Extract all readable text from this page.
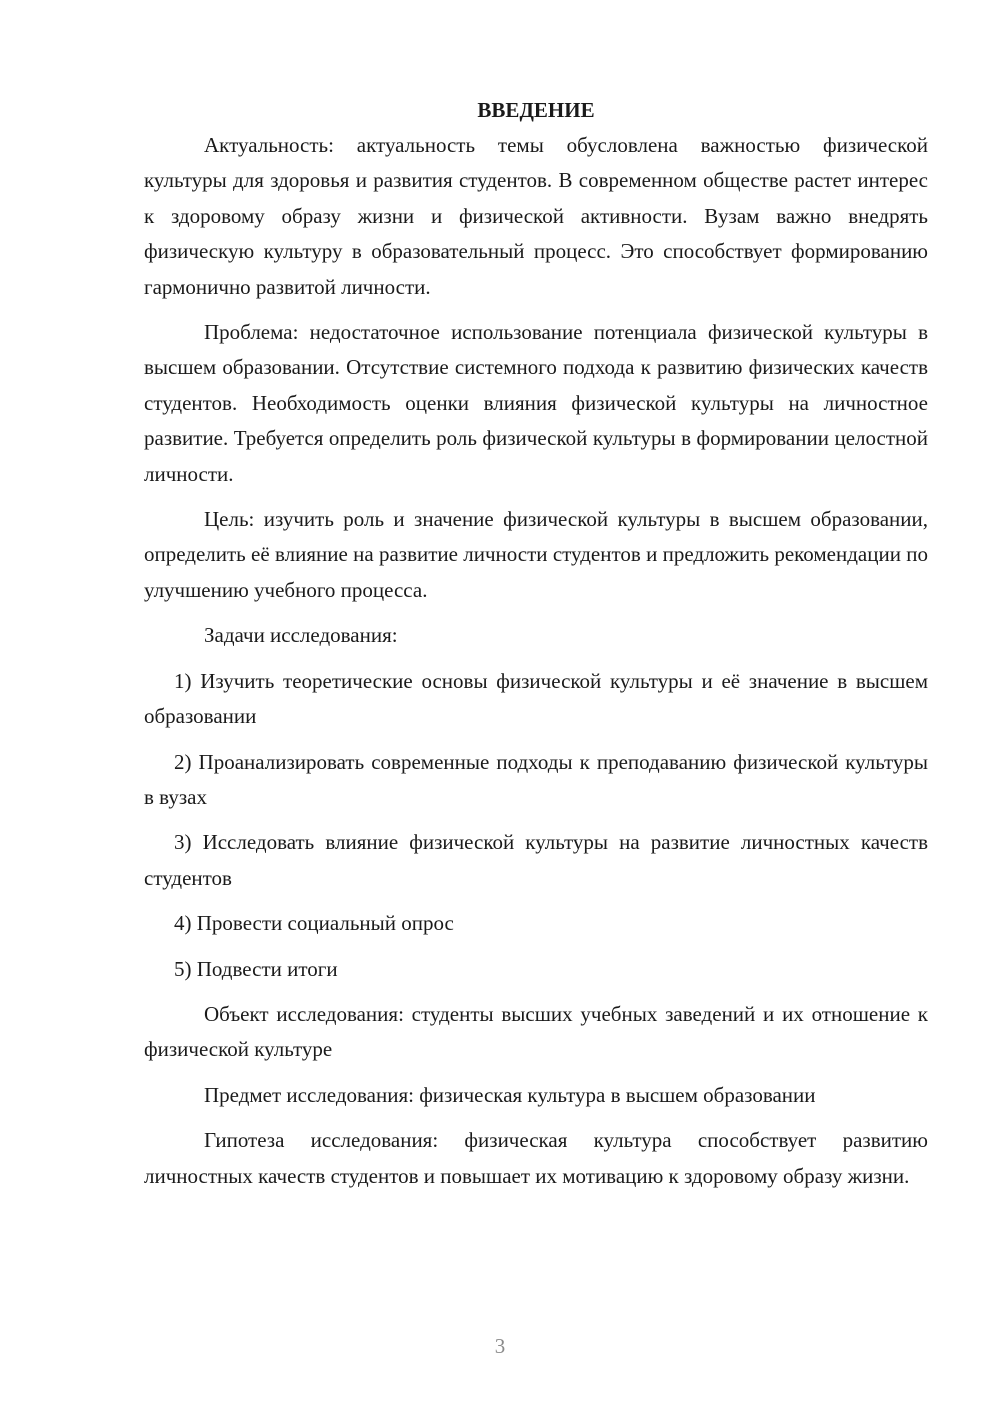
ВВЕДЕНИЕ

Актуальность: актуальность темы обусловлена важностью физической культуры для здоровья и развития студентов. В современном обществе растет интерес к здоровому образу жизни и физической активности. Вузам важно внедрять физическую культуру в образовательный процесс. Это способствует формированию гармонично развитой личности.

Проблема: недостаточное использование потенциала физической культуры в высшем образовании. Отсутствие системного подхода к развитию физических качеств студентов. Необходимость оценки влияния физической культуры на личностное развитие. Требуется определить роль физической культуры в формировании целостной личности.

Цель: изучить роль и значение физической культуры в высшем образовании, определить её влияние на развитие личности студентов и предложить рекомендации по улучшению учебного процесса.

Задачи исследования:

1) Изучить теоретические основы физической культуры и её значение в высшем образовании

2) Проанализировать современные подходы к преподаванию физической культуры в вузах

3) Исследовать влияние физической культуры на развитие личностных качеств студентов

4) Провести социальный опрос

5) Подвести итоги

Объект исследования: студенты высших учебных заведений и их отношение к физической культуре

Предмет исследования: физическая культура в высшем образовании

Гипотеза исследования: физическая культура способствует развитию личностных качеств студентов и повышает их мотивацию к здоровому образу жизни.

3
